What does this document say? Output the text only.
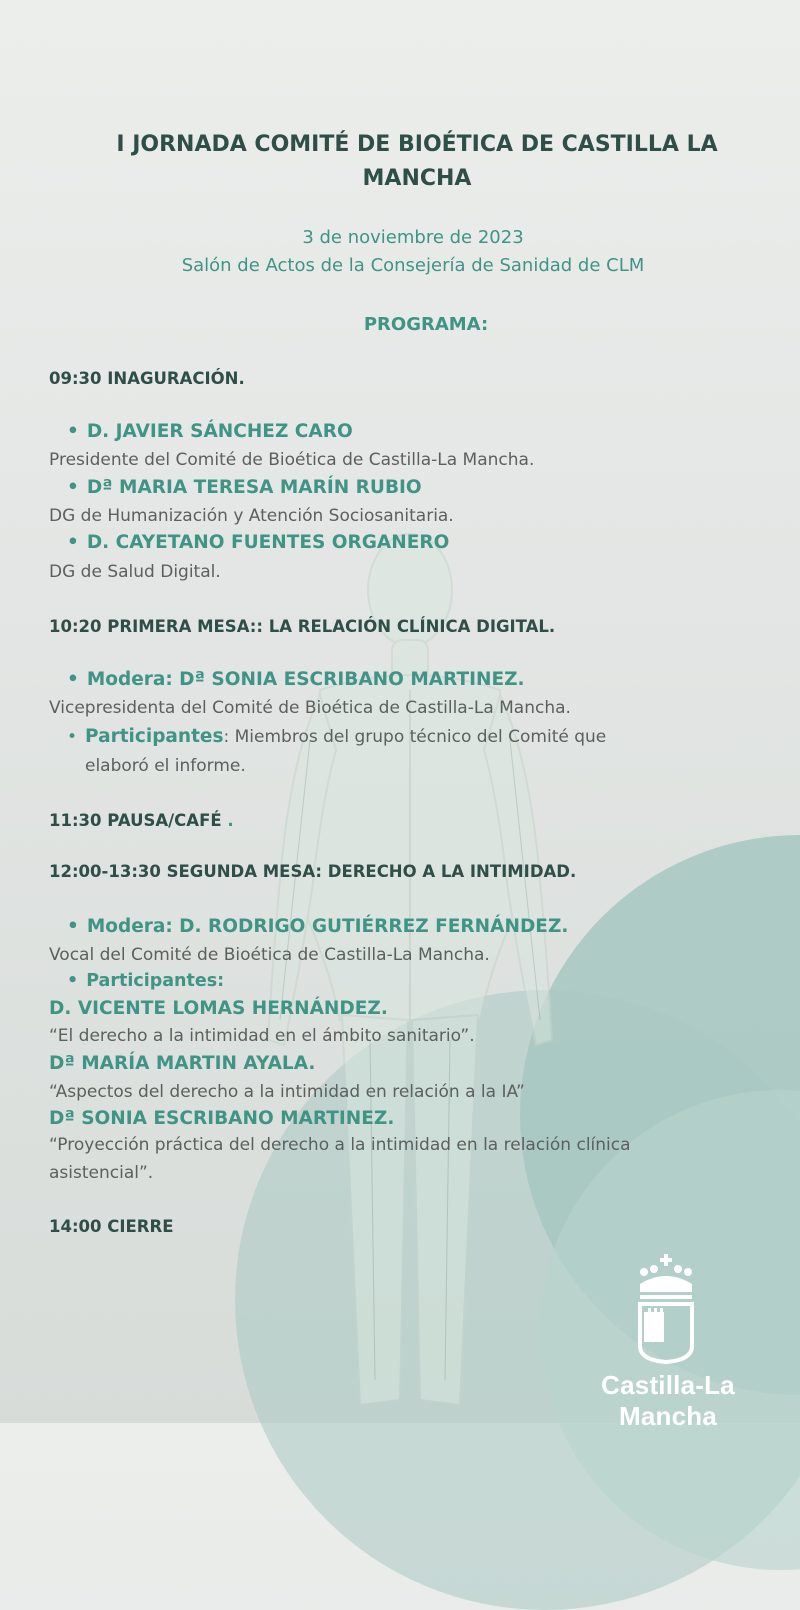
I JORNADA COMITÉ DE BIOÉTICA DE CASTILLA LA MANCHA
3 de noviembre de 2023
Salón de Actos de la Consejería de Sanidad de CLM
PROGRAMA:
09:30 INAGURACIÓN.
• D. JAVIER SÁNCHEZ CARO
Presidente del Comité de Bioética de Castilla-La Mancha.
• Dª MARIA TERESA MARÍN RUBIO
DG de Humanización y Atención Sociosanitaria.
• D. CAYETANO FUENTES ORGANERO
DG de Salud Digital.
10:20 PRIMERA MESA:: LA RELACIÓN CLÍNICA DIGITAL.
• Modera: Dª SONIA ESCRIBANO MARTINEZ.
Vicepresidenta del Comité de Bioética de Castilla-La Mancha.
• Participantes: Miembros del grupo técnico del Comité que
elaboró el informe.
11:30 PAUSA/CAFÉ .
12:00-13:30 SEGUNDA MESA: DERECHO A LA INTIMIDAD.
• Modera: D. RODRIGO GUTIÉRREZ FERNÁNDEZ.
Vocal del Comité de Bioética de Castilla-La Mancha.
• Participantes:
D. VICENTE LOMAS HERNÁNDEZ.
“El derecho a la intimidad en el ámbito sanitario”.
Dª MARÍA MARTIN AYALA.
“Aspectos del derecho a la intimidad en relación a la IA”
Dª SONIA ESCRIBANO MARTINEZ.
“Proyección práctica del derecho a la intimidad en la relación clínica
asistencial”.
14:00 CIERRE
Castilla-La Mancha
